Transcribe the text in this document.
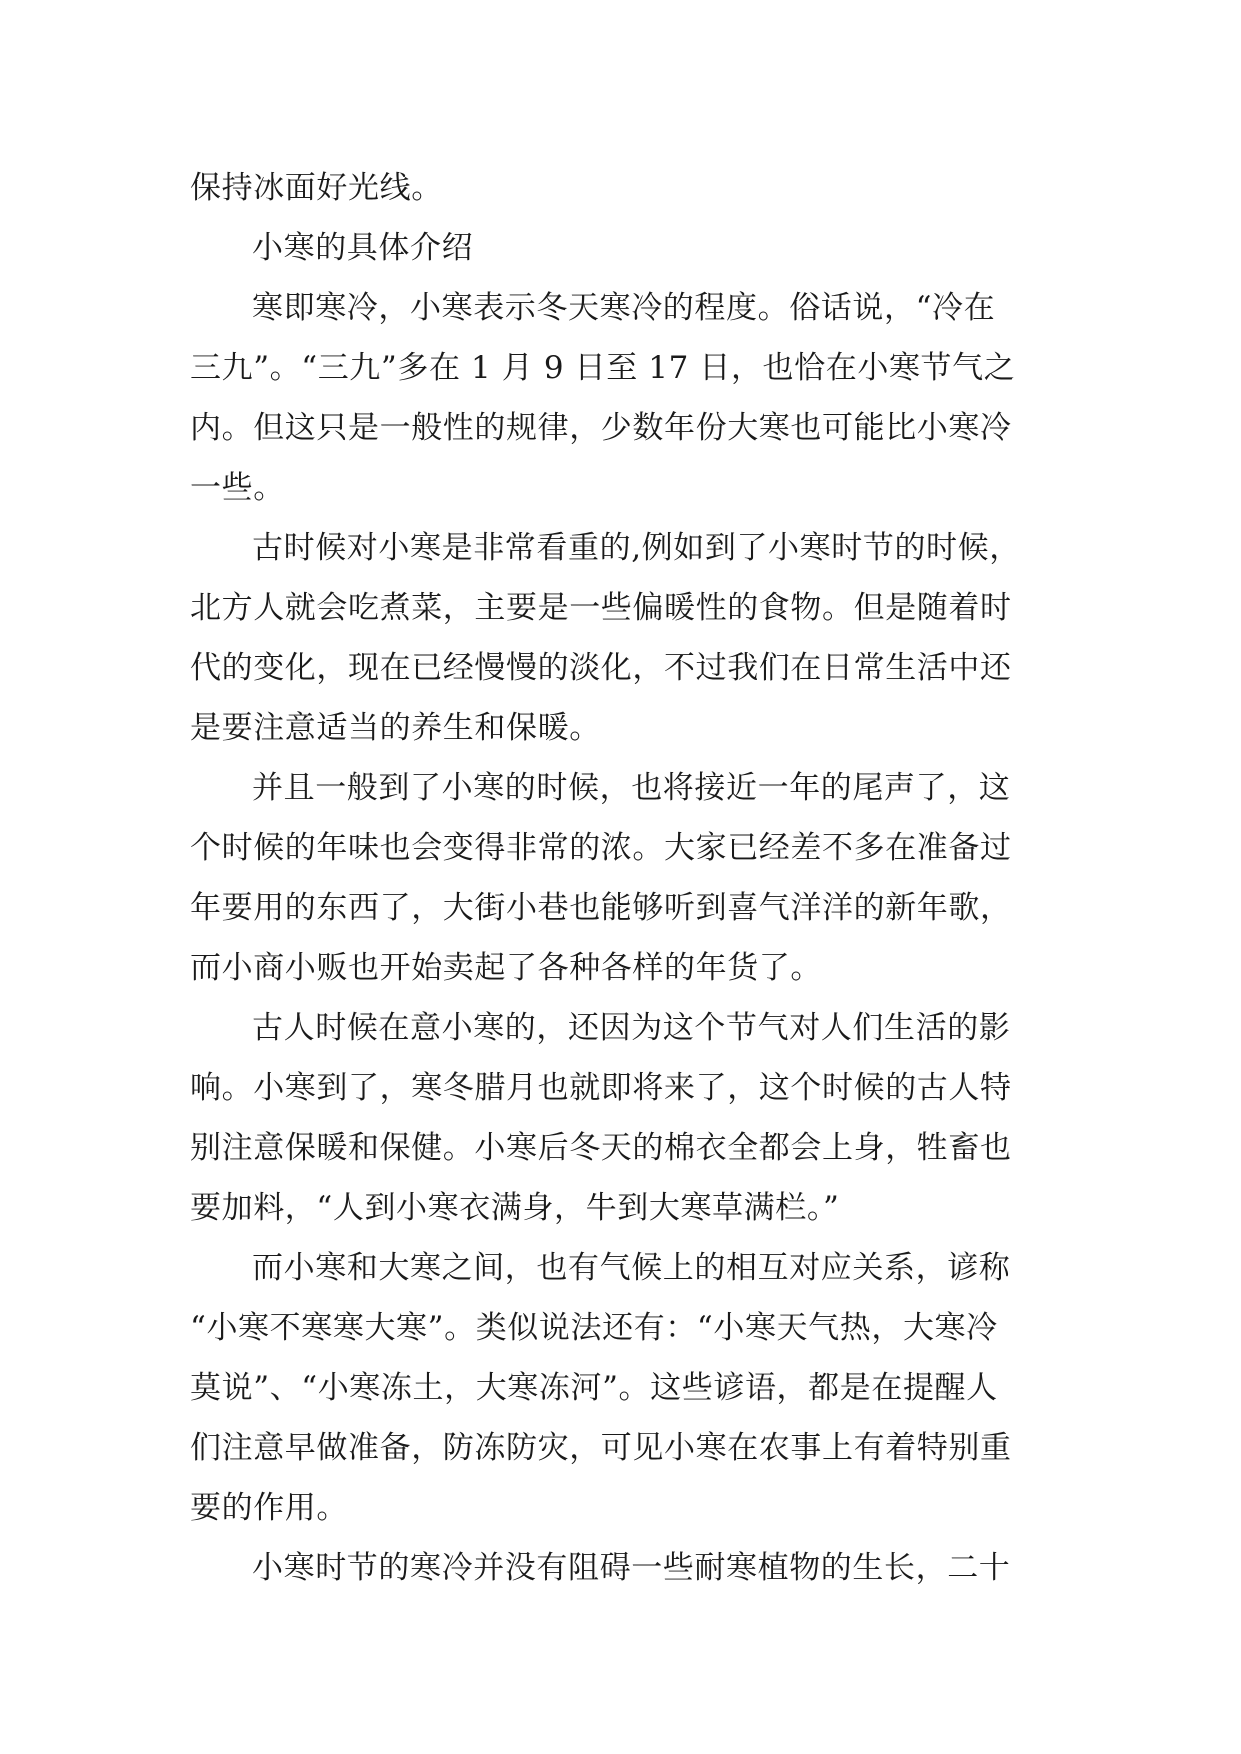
保持冰面好光线。
小寒的具体介绍
寒即寒冷，小寒表示冬天寒冷的程度。俗话说，“冷在
三九”。“三九”多在 1 月 9 日至 17 日，也恰在小寒节气之
内。但这只是一般性的规律，少数年份大寒也可能比小寒冷
一些。
古时候对小寒是非常看重的,例如到了小寒时节的时候，
北方人就会吃煮菜，主要是一些偏暖性的食物。但是随着时
代的变化，现在已经慢慢的淡化，不过我们在日常生活中还
是要注意适当的养生和保暖。
并且一般到了小寒的时候，也将接近一年的尾声了，这
个时候的年味也会变得非常的浓。大家已经差不多在准备过
年要用的东西了，大街小巷也能够听到喜气洋洋的新年歌，
而小商小贩也开始卖起了各种各样的年货了。
古人时候在意小寒的，还因为这个节气对人们生活的影
响。小寒到了，寒冬腊月也就即将来了，这个时候的古人特
别注意保暖和保健。小寒后冬天的棉衣全都会上身，牲畜也
要加料，“人到小寒衣满身，牛到大寒草满栏。”
而小寒和大寒之间，也有气候上的相互对应关系，谚称
“小寒不寒寒大寒”。类似说法还有：“小寒天气热，大寒冷
莫说”、“小寒冻土，大寒冻河”。这些谚语，都是在提醒人
们注意早做准备，防冻防灾，可见小寒在农事上有着特别重
要的作用。
小寒时节的寒冷并没有阻碍一些耐寒植物的生长，二十
